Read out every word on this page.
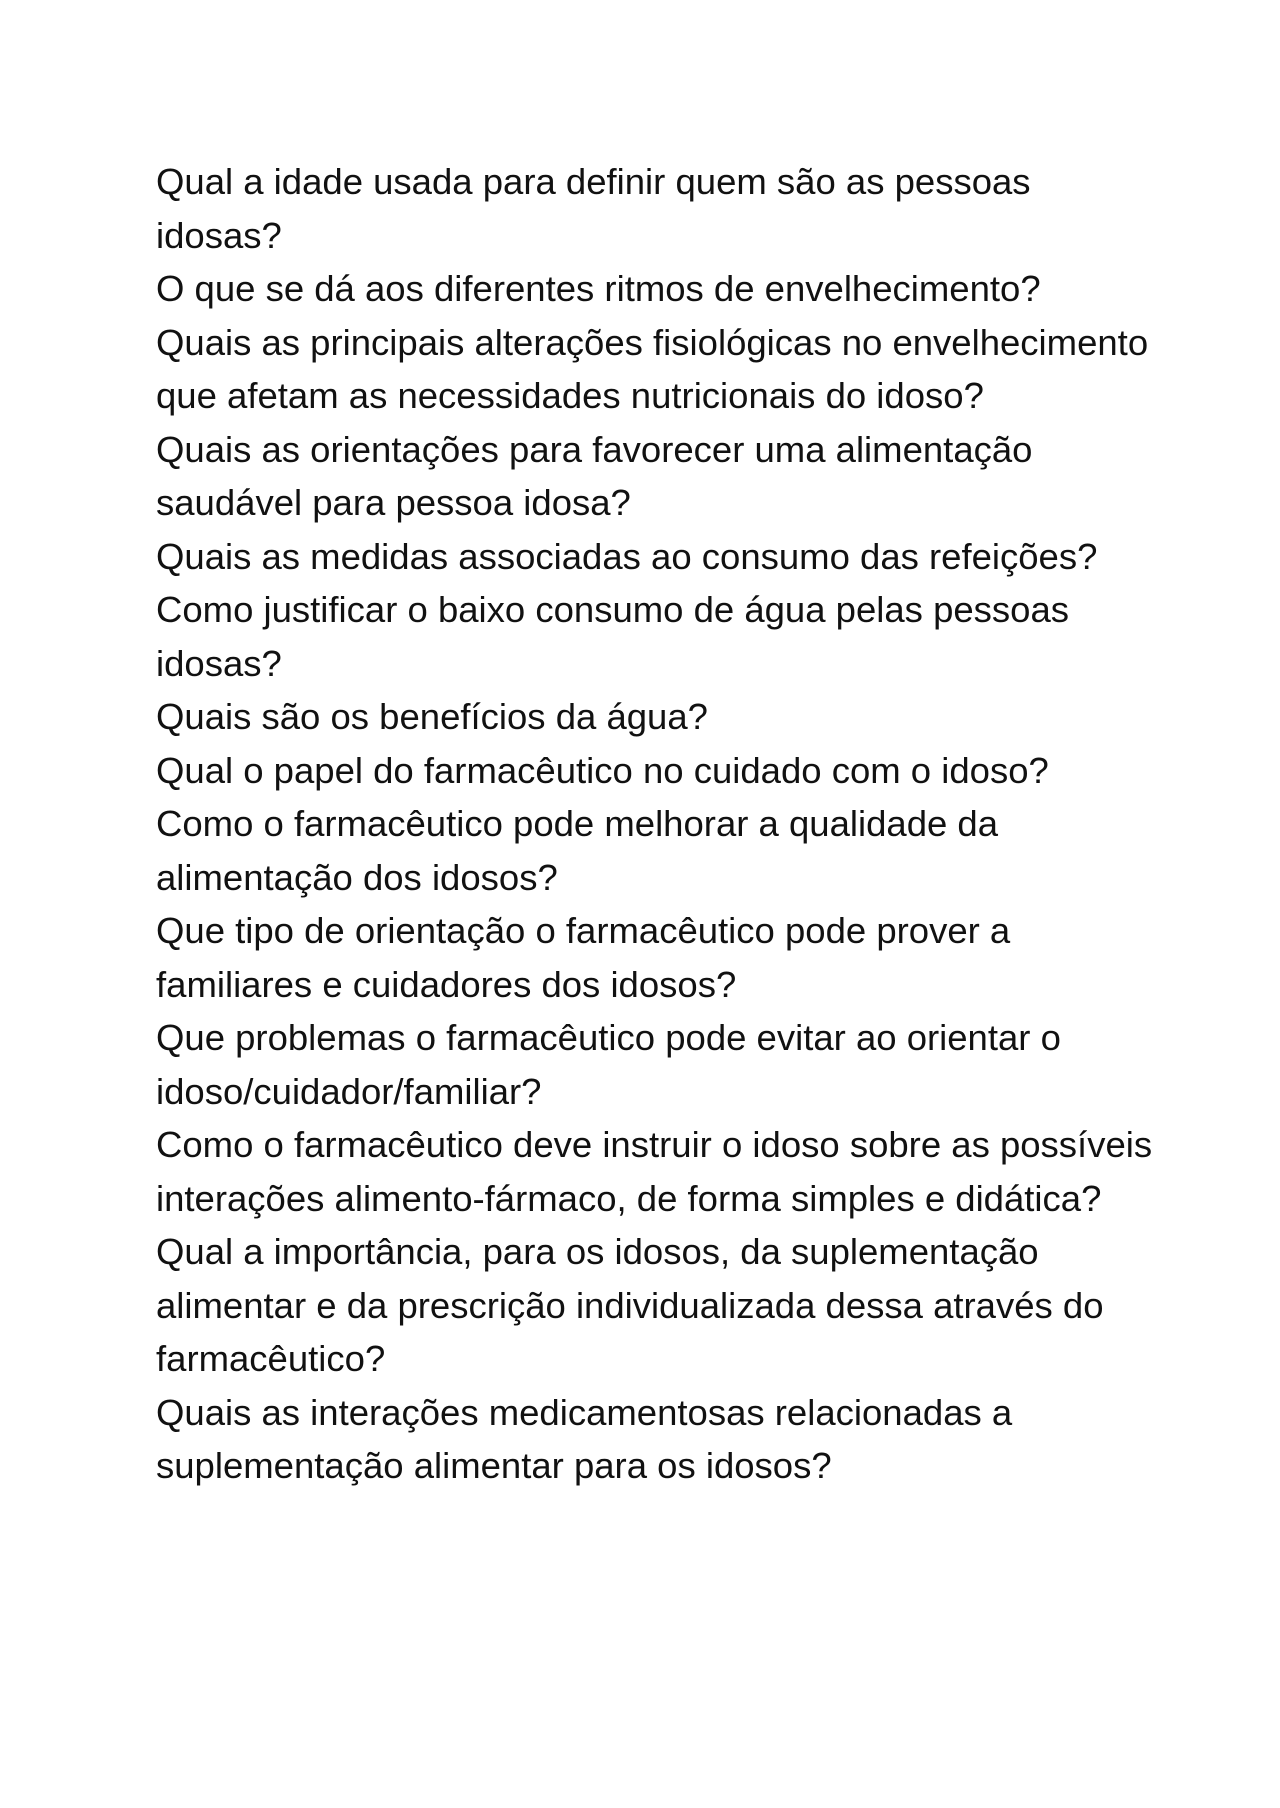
Qual a idade usada para definir quem são as pessoas idosas?
O que se dá aos diferentes ritmos de envelhecimento?
Quais as principais alterações fisiológicas no envelhecimento que afetam as necessidades nutricionais do idoso?
Quais as orientações para favorecer uma alimentação saudável para pessoa idosa?
Quais as medidas associadas ao consumo das refeições?
Como justificar o baixo consumo de água pelas pessoas idosas?
Quais são os benefícios da água?
Qual o papel do farmacêutico no cuidado com o idoso?
Como o farmacêutico pode melhorar a qualidade da alimentação dos idosos?
Que tipo de orientação o farmacêutico pode prover a familiares e cuidadores dos idosos?
Que problemas o farmacêutico pode evitar ao orientar o idoso/cuidador/familiar?
Como o farmacêutico deve instruir o idoso sobre as possíveis interações alimento-fármaco, de forma simples e didática?
Qual a importância, para os idosos, da suplementação alimentar e da prescrição individualizada dessa através do farmacêutico?
Quais as interações medicamentosas relacionadas a suplementação alimentar para os idosos?
